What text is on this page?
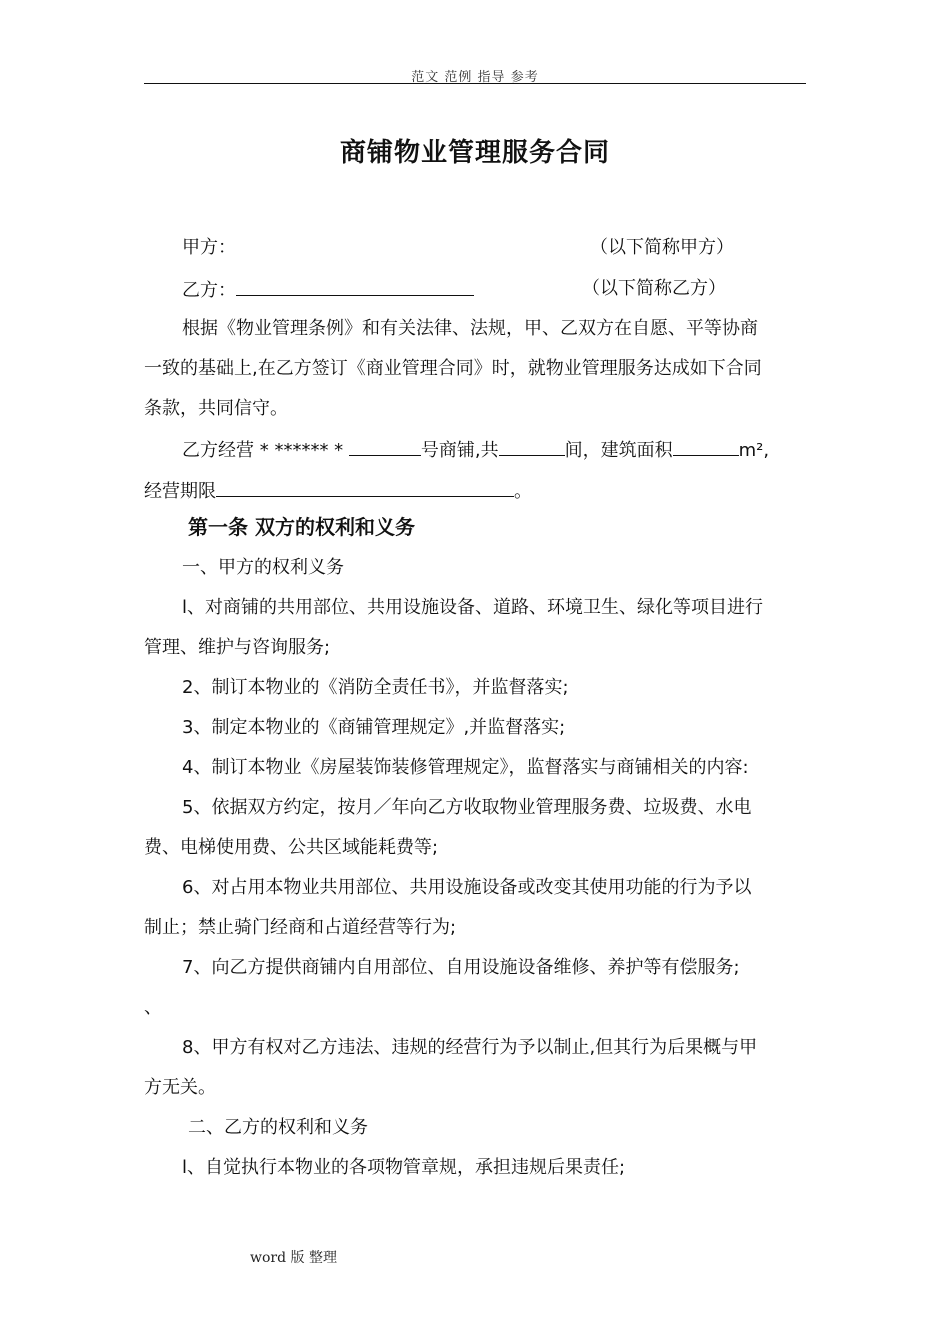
范文 范例 指导 参考
商铺物业管理服务合同
甲方：	（以下简称甲方）
乙方：	（以下简称乙方）
根据《物业管理条例》和有关法律、法规，甲、乙双方在自愿、平等协商
一致的基础上,在乙方签订《商业管理合同》时，就物业管理服务达成如下合同
条款，共同信守。
乙方经营 * ****** *	号商铺,共	间，建筑面积	m²,
经营期限	。
第一条 双方的权利和义务
一、甲方的权利义务
l、对商铺的共用部位、共用设施设备、道路、环境卫生、绿化等项目进行
管理、维护与咨询服务;
2、制订本物业的《消防全责任书》，并监督落实;
3、制定本物业的《商铺管理规定》,并监督落实;
4、制订本物业《房屋装饰装修管理规定》，监督落实与商铺相关的内容:
5、依据双方约定，按月／年向乙方收取物业管理服务费、垃圾费、水电
费、电梯使用费、公共区域能耗费等;
6、对占用本物业共用部位、共用设施设备或改变其使用功能的行为予以
制止；禁止骑门经商和占道经营等行为;
7、向乙方提供商铺内自用部位、自用设施设备维修、养护等有偿服务;
、
8、甲方有权对乙方违法、违规的经营行为予以制止,但其行为后果概与甲
方无关。
二、乙方的权利和义务
l、自觉执行本物业的各项物管章规，承担违规后果责任;
word 版 整理
